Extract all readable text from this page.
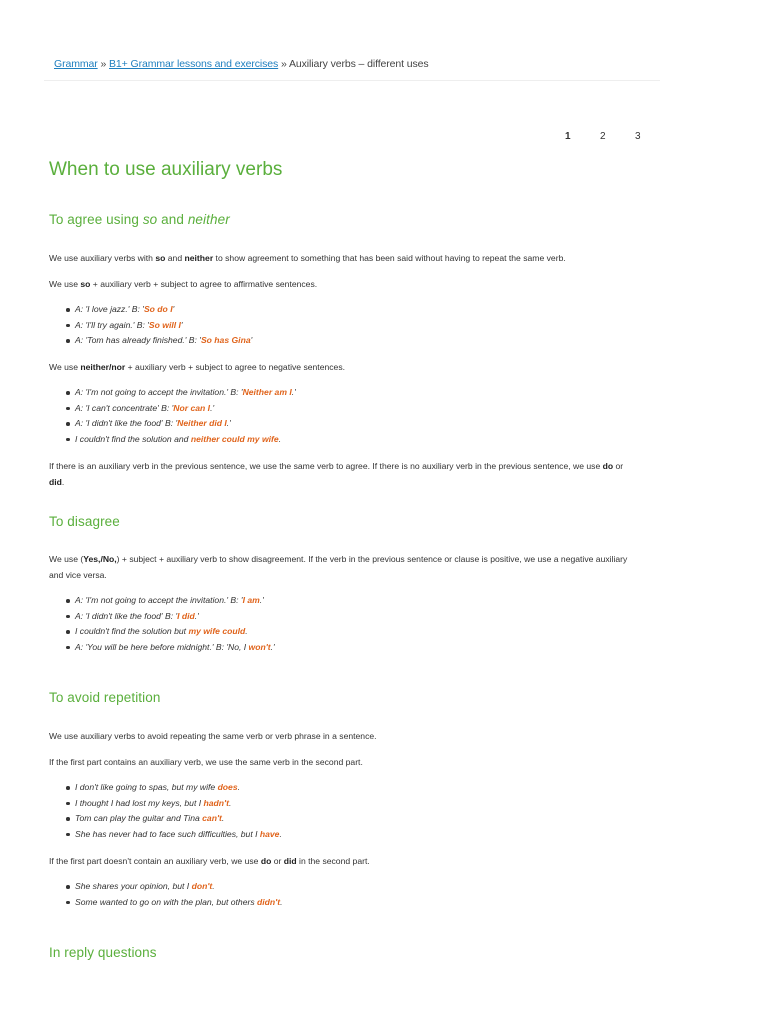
Grammar » B1+ Grammar lessons and exercises » Auxiliary verbs – different uses
1	2	3
When to use auxiliary verbs
To agree using so and neither

We use auxiliary verbs with so and neither to show agreement to something that has been said without having to repeat the same verb.

We use so + auxiliary verb + subject to agree to affirmative sentences.

A: 'I love jazz.' B: 'So do I'
A: 'I'll try again.' B: 'So will I'
A: 'Tom has already finished.' B: 'So has Gina'

We use neither/nor + auxiliary verb + subject to agree to negative sentences.

A: 'I'm not going to accept the invitation.' B: 'Neither am I.'
A: 'I can't concentrate' B: 'Nor can I.'
A: 'I didn't like the food' B: 'Neither did I.'
I couldn't find the solution and neither could my wife.

If there is an auxiliary verb in the previous sentence, we use the same verb to agree. If there is no auxiliary verb in the previous sentence, we use do or
did.

To disagree

We use (Yes,/No,) + subject + auxiliary verb to show disagreement. If the verb in the previous sentence or clause is positive, we use a negative auxiliary
and vice versa.

A: 'I'm not going to accept the invitation.' B: 'I am.'
A: 'I didn't like the food' B: 'I did.'
I couldn't find the solution but my wife could.
A: 'You will be here before midnight.' B: 'No, I won't.'
To avoid repetition

We use auxiliary verbs to avoid repeating the same verb or verb phrase in a sentence.

If the first part contains an auxiliary verb, we use the same verb in the second part.

I don't like going to spas, but my wife does.
I thought I had lost my keys, but I hadn't.
Tom can play the guitar and Tina can't.
She has never had to face such difficulties, but I have.

If the first part doesn't contain an auxiliary verb, we use do or did in the second part.

She shares your opinion, but I don't.
Some wanted to go on with the plan, but others didn't.
In reply questions
